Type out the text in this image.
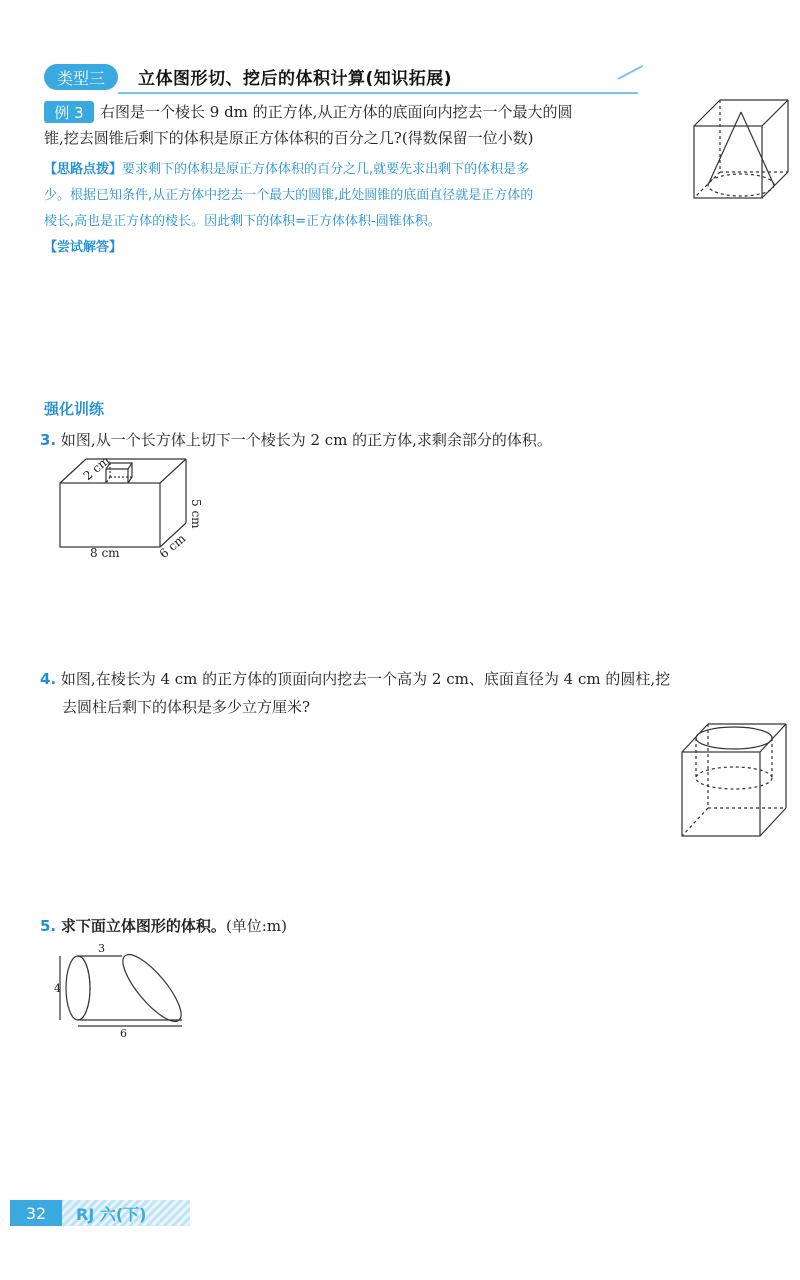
类型三	立体图形切、挖后的体积计算(知识拓展)
例 3	右图是一个棱长 9 dm 的正方体,从正方体的底面向内挖去一个最大的圆
锥,挖去圆锥后剩下的体积是原正方体体积的百分之几?(得数保留一位小数)
【思路点拨】要求剩下的体积是原正方体体积的百分之几,就要先求出剩下的体积是多
少。根据已知条件,从正方体中挖去一个最大的圆锥,此处圆锥的底面直径就是正方体的
棱长,高也是正方体的棱长。因此剩下的体积=正方体体积-圆锥体积。
【尝试解答】
强化训练
3. 如图,从一个长方体上切下一个棱长为 2 cm 的正方体,求剩余部分的体积。
2 cm
5 cm
8 cm	6 cm
4. 如图,在棱长为 4 cm 的正方体的顶面向内挖去一个高为 2 cm、底面直径为 4 cm 的圆柱,挖
去圆柱后剩下的体积是多少立方厘米?
5. 求下面立体图形的体积。(单位:m)
3
4
6
32	RJ 六(下)
